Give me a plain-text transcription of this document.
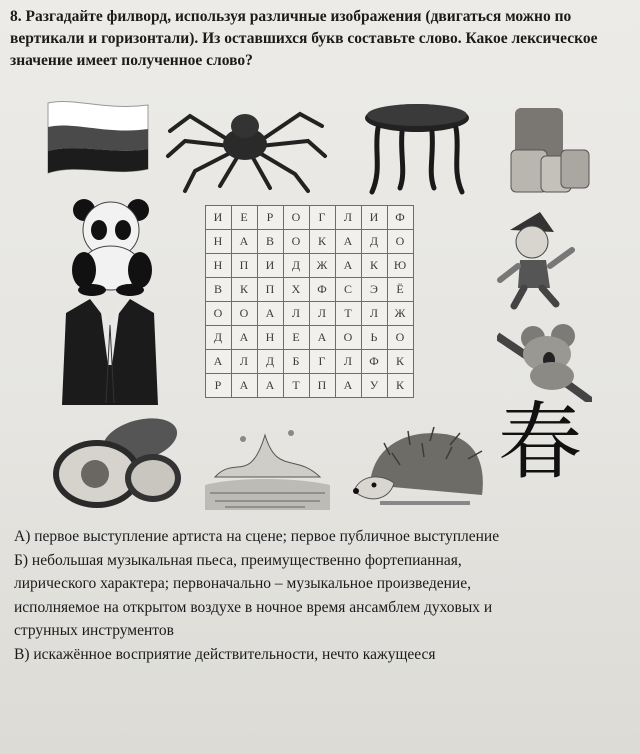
8. Разгадайте филворд, используя различные изображения (двигаться можно по вертикали и горизонтали). Из оставшихся букв составьте слово. Какое лексическое значение имеет полученное слово?
春
И	Е	Р	О	Г	Л	И	Ф
Н	А	В	О	К	А	Д	О
Н	П	И	Д	Ж	А	К	Ю
В	К	П	Х	Ф	С	Э	Ё
О	О	А	Л	Л	Т	Л	Ж
Д	А	Н	Е	А	О	Ь	О
А	Л	Д	Б	Г	Л	Ф	К
Р	А	А	Т	П	А	У	К

А) первое выступление артиста на сцене; первое публичное выступление

Б) небольшая музыкальная пьеса, преимущественно фортепианная,

лирического характера; первоначально – музыкальное произведение,

исполняемое на открытом воздухе в ночное время ансамблем духовых и

струнных инструментов

В) искажённое восприятие действительности, нечто кажущееся
